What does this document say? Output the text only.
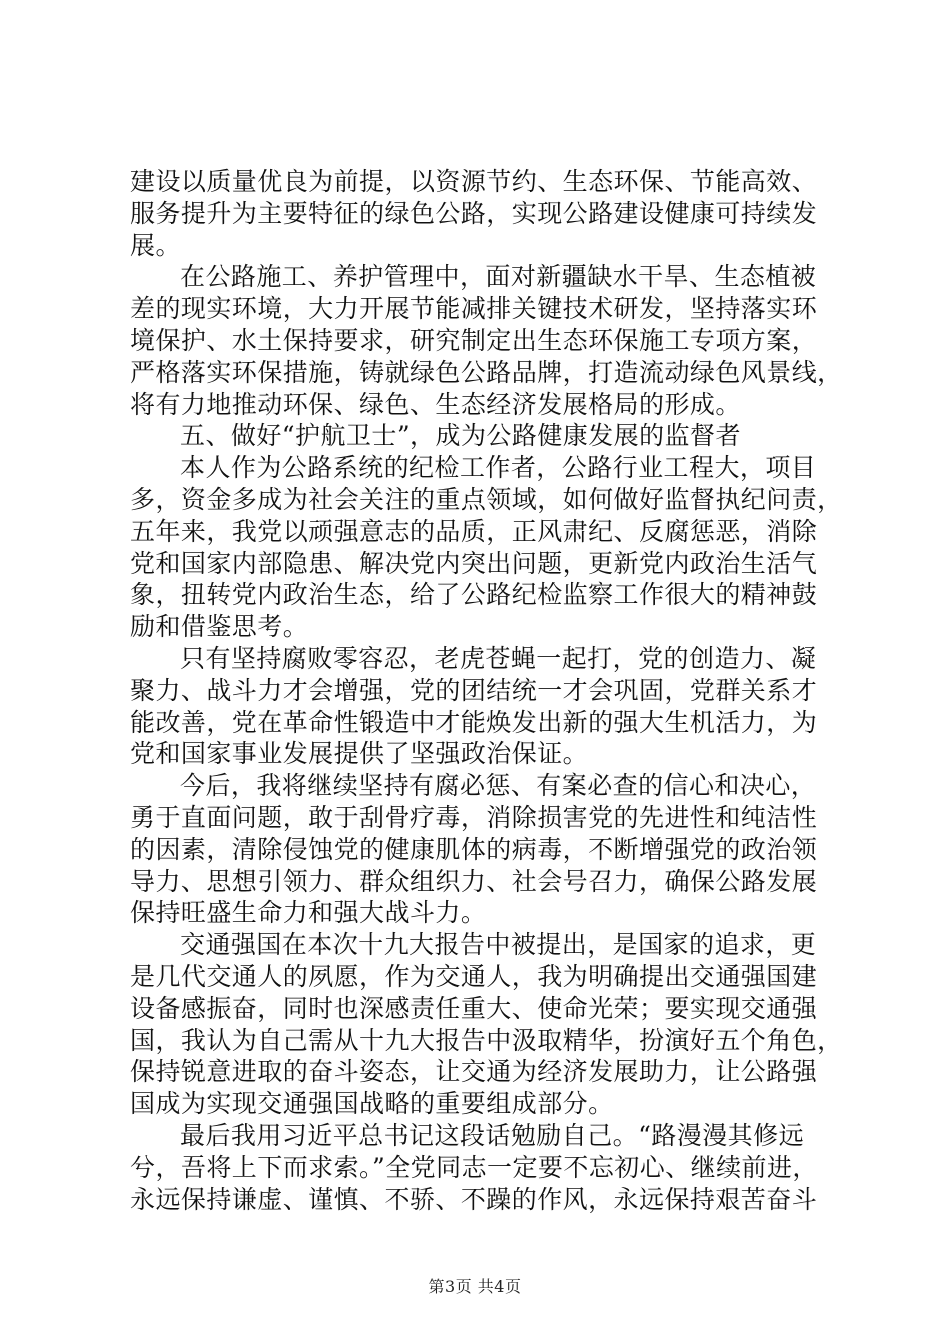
建设以质量优良为前提，以资源节约、生态环保、节能高效、
服务提升为主要特征的绿色公路，实现公路建设健康可持续发
展。
在公路施工、养护管理中，面对新疆缺水干旱、生态植被
差的现实环境，大力开展节能减排关键技术研发，坚持落实环
境保护、水土保持要求，研究制定出生态环保施工专项方案，
严格落实环保措施，铸就绿色公路品牌，打造流动绿色风景线，
将有力地推动环保、绿色、生态经济发展格局的形成。
五、做好“护航卫士”，成为公路健康发展的监督者
本人作为公路系统的纪检工作者，公路行业工程大，项目
多，资金多成为社会关注的重点领域，如何做好监督执纪问责，
五年来，我党以顽强意志的品质，正风肃纪、反腐惩恶，消除
党和国家内部隐患、解决党内突出问题，更新党内政治生活气
象，扭转党内政治生态，给了公路纪检监察工作很大的精神鼓
励和借鉴思考。
只有坚持腐败零容忍，老虎苍蝇一起打，党的创造力、凝
聚力、战斗力才会增强，党的团结统一才会巩固，党群关系才
能改善，党在革命性锻造中才能焕发出新的强大生机活力，为
党和国家事业发展提供了坚强政治保证。
今后，我将继续坚持有腐必惩、有案必查的信心和决心，
勇于直面问题，敢于刮骨疗毒，消除损害党的先进性和纯洁性
的因素，清除侵蚀党的健康肌体的病毒，不断增强党的政治领
导力、思想引领力、群众组织力、社会号召力，确保公路发展
保持旺盛生命力和强大战斗力。
交通强国在本次十九大报告中被提出，是国家的追求，更
是几代交通人的夙愿，作为交通人，我为明确提出交通强国建
设备感振奋，同时也深感责任重大、使命光荣；要实现交通强
国，我认为自己需从十九大报告中汲取精华，扮演好五个角色，
保持锐意进取的奋斗姿态，让交通为经济发展助力，让公路强
国成为实现交通强国战略的重要组成部分。
最后我用习近平总书记这段话勉励自己。“路漫漫其修远
兮，吾将上下而求索。”全党同志一定要不忘初心、继续前进，
永远保持谦虚、谨慎、不骄、不躁的作风，永远保持艰苦奋斗
第3页 共4页
